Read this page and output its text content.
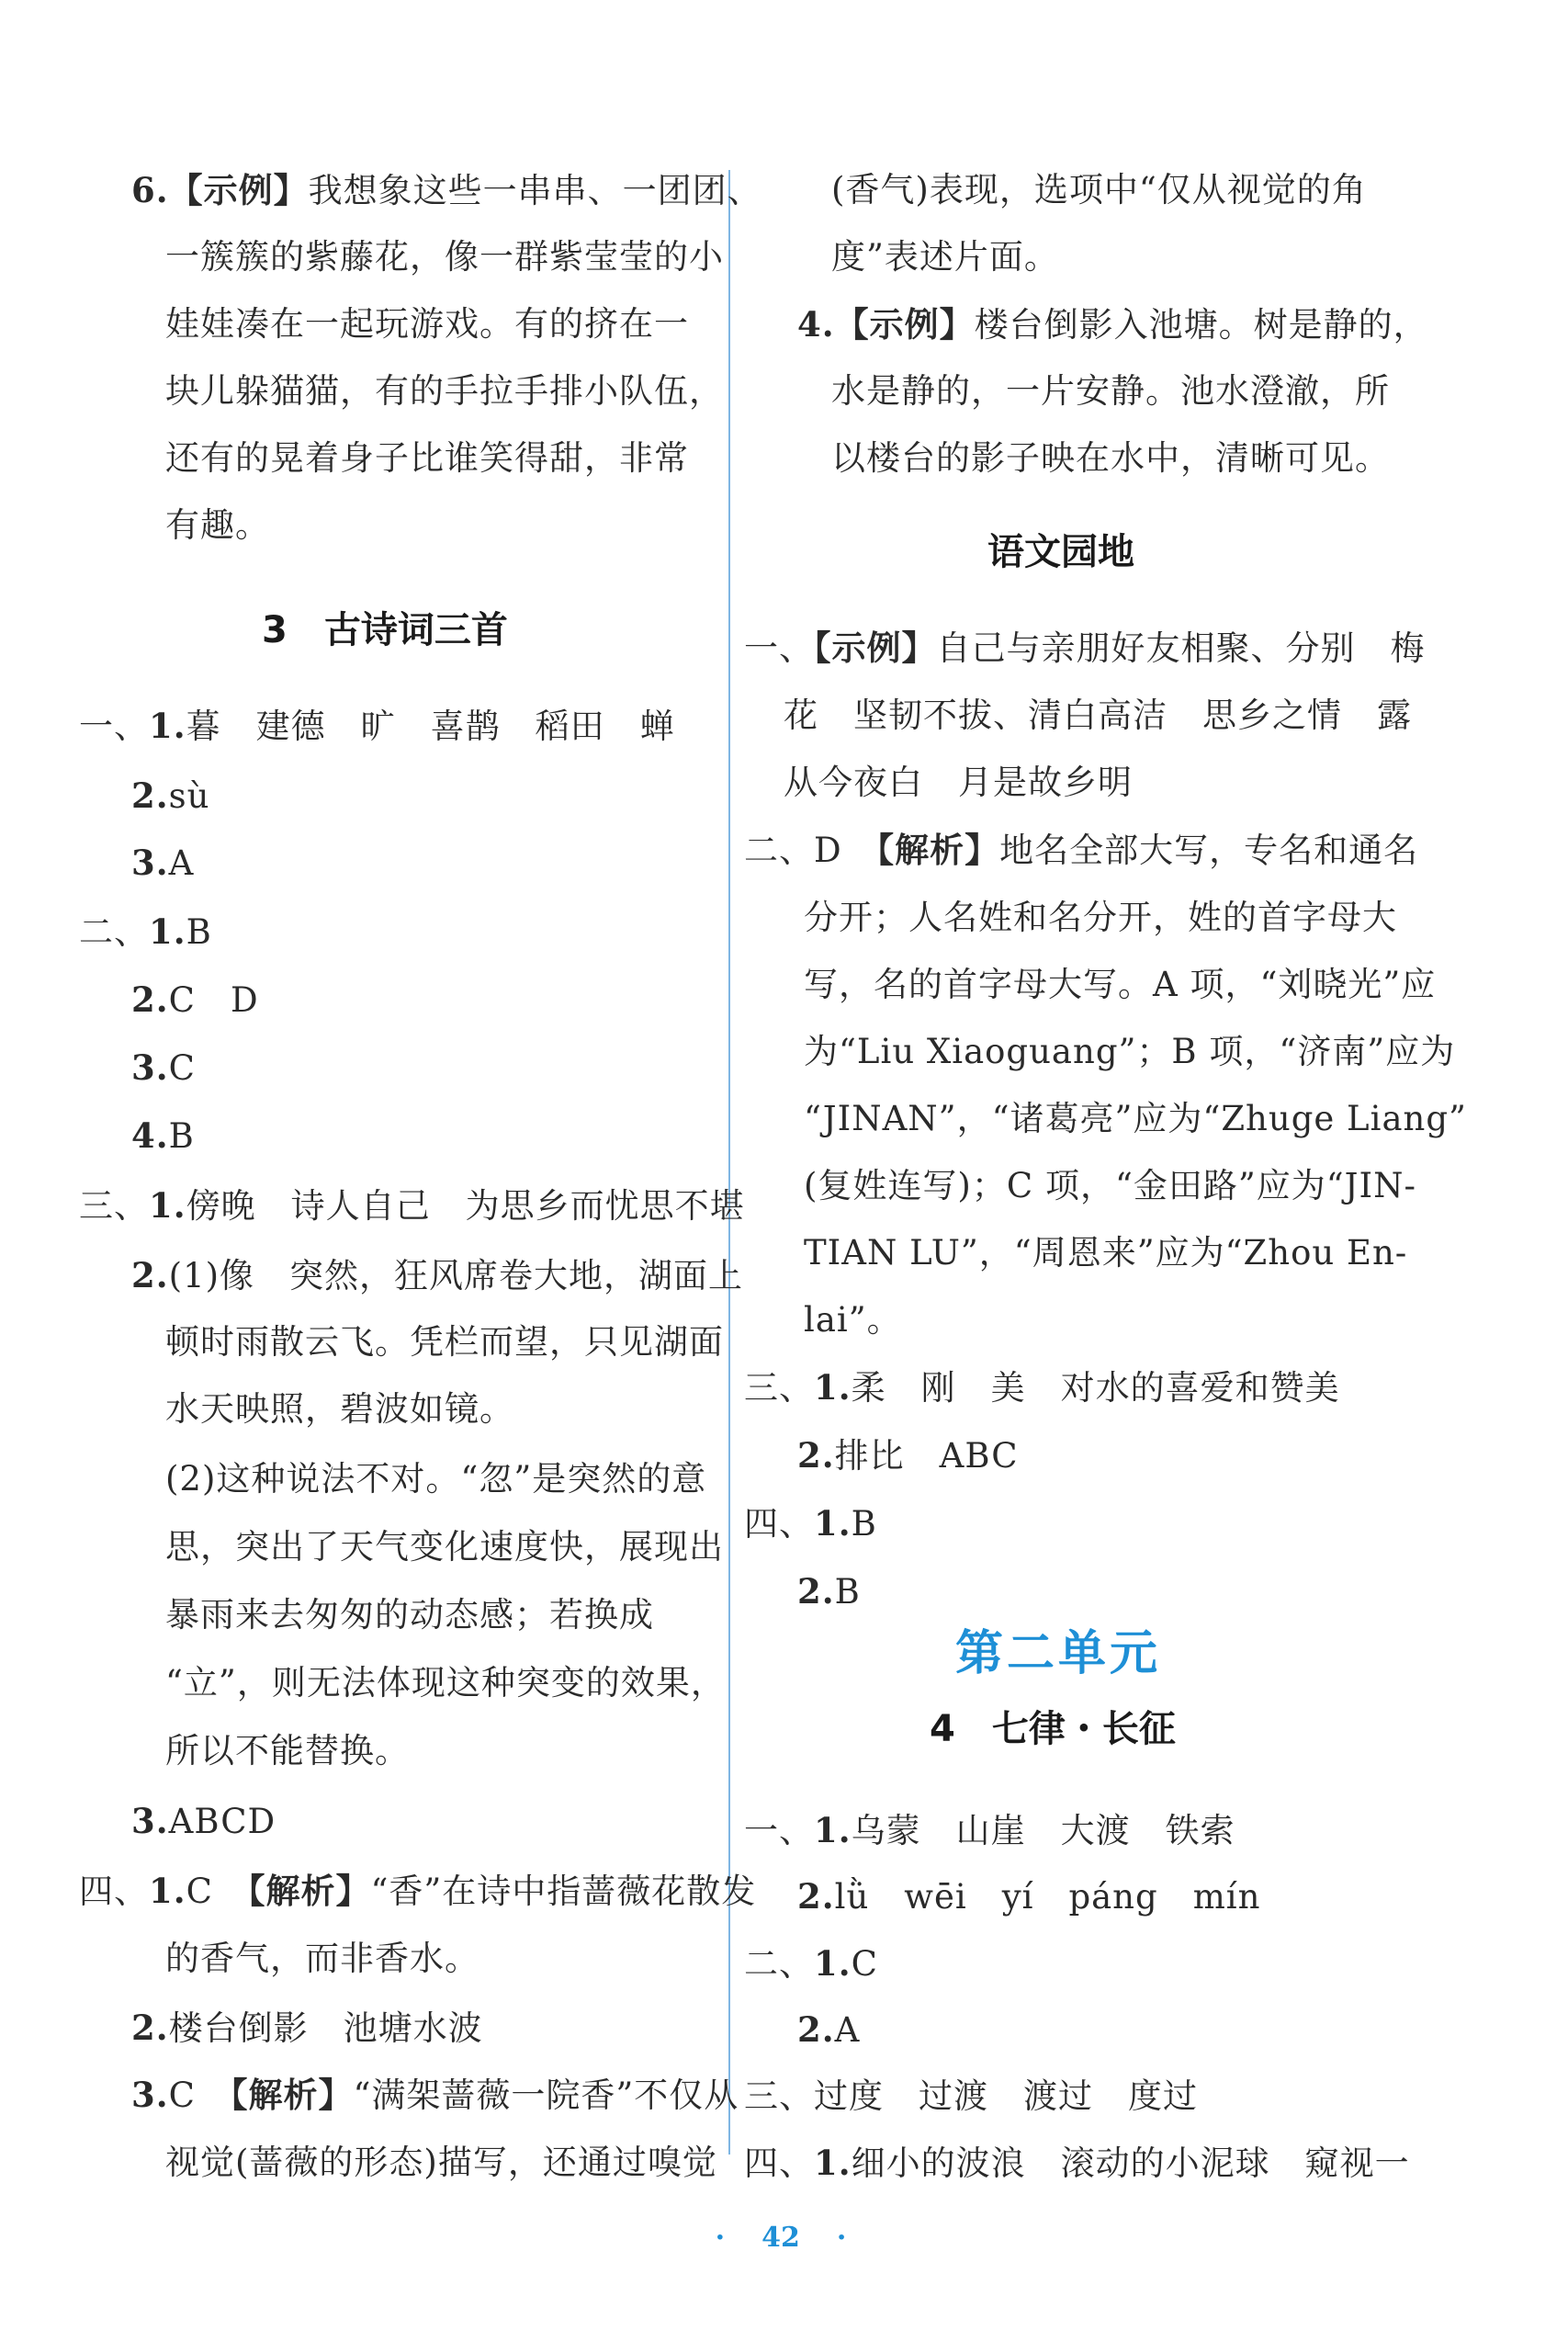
6.【示例】我想象这些一串串、一团团、
一簇簇的紫藤花，像一群紫莹莹的小
娃娃凑在一起玩游戏。有的挤在一
块儿躲猫猫，有的手拉手排小队伍，
还有的晃着身子比谁笑得甜，非常
有趣。
3　古诗词三首
一、1.暮　建德　旷　喜鹊　稻田　蝉
2.sù
3.A
二、1.B
2.C　D
3.C
4.B
三、1.傍晚　诗人自己　为思乡而忧思不堪
2.(1)像　突然，狂风席卷大地，湖面上
顿时雨散云飞。凭栏而望，只见湖面
水天映照，碧波如镜。
(2)这种说法不对。“忽”是突然的意
思，突出了天气变化速度快，展现出
暴雨来去匆匆的动态感；若换成
“立”，则无法体现这种突变的效果，
所以不能替换。
3.ABCD
四、1.C　 【解析】“香”在诗中指蔷薇花散发
的香气，而非香水。
2.楼台倒影　池塘水波
3.C　 【解析】“满架蔷薇一院香”不仅从
视觉(蔷薇的形态)描写，还通过嗅觉
(香气)表现，选项中“仅从视觉的角
度”表述片面。
4.【示例】楼台倒影入池塘。树是静的，
水是静的，一片安静。池水澄澈，所
以楼台的影子映在水中，清晰可见。
语文园地
一、【示例】自己与亲朋好友相聚、分别　梅
花　坚韧不拔、清白高洁　思乡之情　露
从今夜白　月是故乡明
二、D　 【解析】地名全部大写，专名和通名
分开；人名姓和名分开，姓的首字母大
写，名的首字母大写。A 项，“刘晓光”应
为“Liu Xiaoguang”；B 项，“济南”应为
“JINAN”，“诸葛亮”应为“Zhuge Liang”
(复姓连写)；C 项，“金田路”应为“JIN-
TIAN LU”，“周恩来”应为“Zhou En-
lai”。
三、1.柔　刚　美　对水的喜爱和赞美
2.排比　ABC
四、1.B
2.B
第二单元
4　七律・长征
一、1.乌蒙　山崖　大渡　铁索
2.lǜ　wēi　yí　páng　mín
二、1.C
2.A
三、过度　过渡　渡过　度过
四、1.细小的波浪　滚动的小泥球　窥视一
· 42 ·
